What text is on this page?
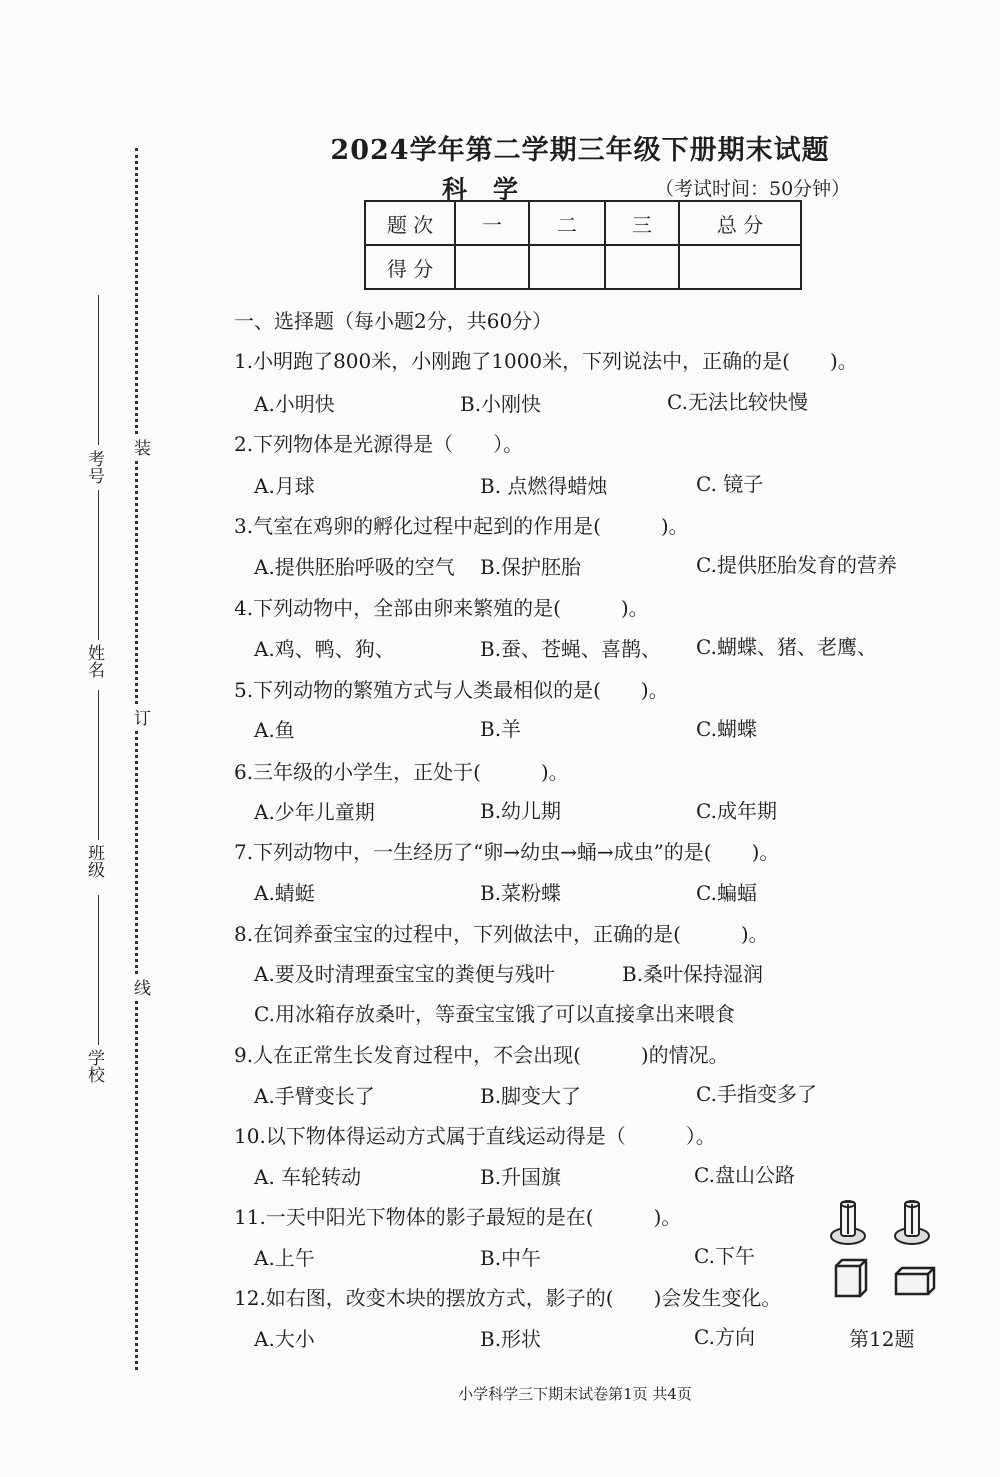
装
订
线
考号
姓名
班级
学校
2024学年第二学期三年级下册期末试题
科学	（考试时间：50分钟）
题 次	一	二	三	总 分
得 分				
一、选择题（每小题2分，共60分）
1.小明跑了800米，小刚跑了1000米，下列说法中，正确的是(　　)。
A.小明快	B.小刚快	C.无法比较快慢
2.下列物体是光源得是（　　）。
A.月球	B. 点燃得蜡烛	C. 镜子
3.气室在鸡卵的孵化过程中起到的作用是(　　　)。
A.提供胚胎呼吸的空气 B.保护胚胎	C.提供胚胎发育的营养
4.下列动物中，全部由卵来繁殖的是(　　　)。
A.鸡、鸭、狗、	B.蚕、苍蝇、喜鹊、 C.蝴蝶、猪、老鹰、
5.下列动物的繁殖方式与人类最相似的是(　　)。
A.鱼	B.羊	C.蝴蝶
6.三年级的小学生，正处于(　　　)。
A.少年儿童期	B.幼儿期	C.成年期
7.下列动物中，一生经历了“卵→幼虫→蛹→成虫”的是(　　)。
A.蜻蜓	B.菜粉蝶	C.蝙蝠
8.在饲养蚕宝宝的过程中，下列做法中，正确的是(　　　)。
A.要及时清理蚕宝宝的粪便与残叶	B.桑叶保持湿润
C.用冰箱存放桑叶，等蚕宝宝饿了可以直接拿出来喂食
9.人在正常生长发育过程中，不会出现(　　　)的情况。
A.手臂变长了	B.脚变大了	C.手指变多了
10.以下物体得运动方式属于直线运动得是（　　　）。
A. 车轮转动	B.升国旗	C.盘山公路
11.一天中阳光下物体的影子最短的是在(　　　)。
A.上午	B.中午	C.下午
12.如右图，改变木块的摆放方式，影子的(　　)会发生变化。
A.大小	B.形状	C.方向	第12题
小学科学三下期末试卷第1页 共4页
